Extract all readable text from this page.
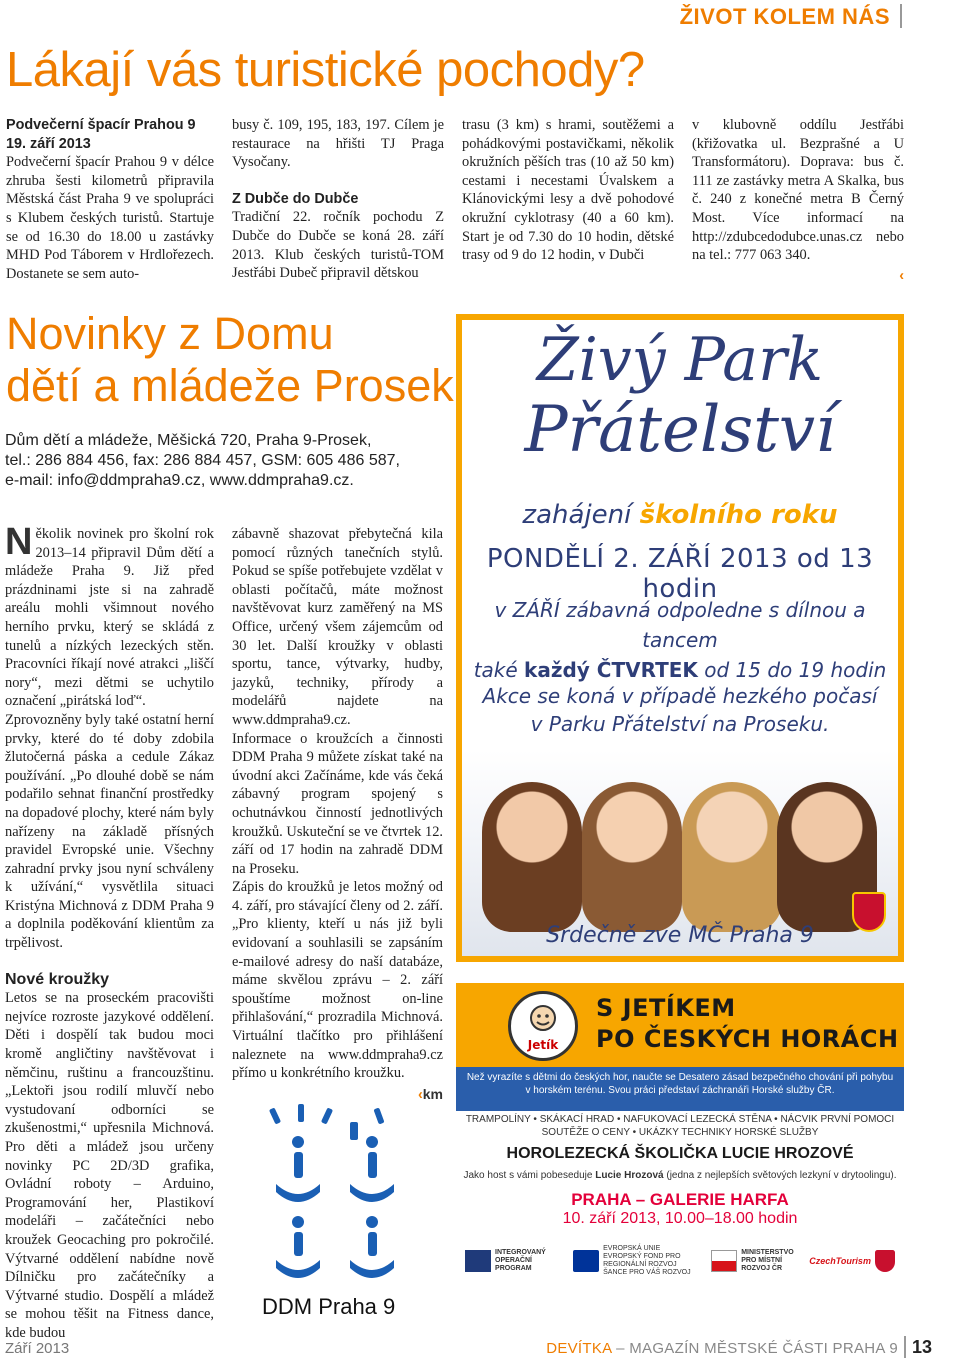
ŽIVOT KOLEM NÁS
Lákají vás turistické pochody?
Podvečerní špacír Prahou 9
19. září 2013

Podvečerní špacír Prahou 9 v délce zhruba šesti kilometrů připravila Městská část Praha 9 ve spolupráci s Klubem českých turistů. Startuje se od 16.30 do 18.00 u zastávky MHD Pod Táborem v Hrdlořezech. Dostanete se sem auto-

busy č. 109, 195, 183, 197. Cílem je restaurace na hřišti TJ Praga Vysočany.

Z Dubče do Dubče

Tradiční 22. ročník pochodu Z Dubče do Dubče se koná 28. září 2013. Klub českých turistů-TOM Jestřábi Dubeč připravil dětskou

trasu (3 km) s hrami, soutěžemi a pohádkovými postavičkami, několik okružních pěších tras (10 až 50 km) cestami i necestami Úvalskem a Klánovickými lesy a dvě pohodové okružní cyklotrasy (40 a 60 km). Start je od 7.30 do 10 hodin, dětské trasy od 9 do 12 hodin, v Dubči

v klubovně oddílu Jestřábi (křižovatka ul. Bezprašné a U Transformátoru). Doprava: bus č. 111 ze zastávky metra A Skalka, bus č. 240 z konečné metra B Černý Most. Více informací na http://zdubcedodubce.unas.cz nebo na tel.: 777 063 340.

‹
Novinky z Domu
dětí a mládeže Prosek
Dům dětí a mládeže, Měšická 720, Praha 9-Prosek,
tel.: 286 884 456, fax: 286 884 457, GSM: 605 486 587,
e-mail: info@ddmpraha9.cz, www.ddmpraha9.cz.

Několik novinek pro školní rok 2013–14 připravil Dům dětí a mládeže Praha 9. Již před prázdninami jste si na zahradě areálu mohli všimnout nového herního prvku, který se skládá z tunelů a nízkých lezeckých stěn. Pracovníci říkají nové atrakci „liščí nory“, mezi dětmi se uchytilo označení „pirátská loď“.

Zprovozněny byly také ostatní herní prvky, které do té doby zdobila žlutočerná páska a cedule Zákaz používání. „Po dlouhé době se nám podařilo sehnat finanční prostředky na dopadové plochy, které nám byly nařízeny na základě přísných pravidel Evropské unie. Všechny zahradní prvky jsou nyní schváleny k užívání,“ vysvětlila situaci Kristýna Michnová z DDM Praha 9 a doplnila poděkování klientům za trpělivost.

Nové kroužky

Letos se na proseckém pracovišti nejvíce rozroste jazykové oddělení. Děti i dospělí tak budou moci kromě angličtiny navštěvovat i němčinu, ruštinu a francouzštinu. „Lektoři jsou rodilí mluvčí nebo vystudovaní odborníci se zkušenostmi,“ upřesnila Michnová. Pro děti a mládež jsou určeny novinky PC 2D/3D grafika, Ovládní roboty – Arduino, Programování her, Plastikoví modeláři – začátečníci nebo kroužek Geocaching pro pokročilé. Výtvarné oddělení nabídne nově Dílničku pro začátečníky a Výtvarné studio. Dospělí a mládež se mohou těšit na Fitness dance, kde budou

zábavně shazovat přebytečná kila pomocí různých tanečních stylů. Pokud se spíše potřebujete vzdělat v oblasti počítačů, máte možnost navštěvovat kurz zaměřený na MS Office, určený všem zájemcům od 30 let. Další kroužky v oblasti sportu, tance, výtvarky, hudby, jazyků, techniky, přírody a modelářů najdete na www.ddmpraha9.cz.

Informace o kroužcích a činnosti DDM Praha 9 můžete získat také na úvodní akci Začínáme, kde vás čeká zábavný program spojený s ochutnávkou činností jednotlivých kroužků. Uskuteční se ve čtvrtek 12. září od 17 hodin na zahradě DDM na Proseku.

Zápis do kroužků je letos možný od 4. září, pro stávající členy od 2. září. „Pro klienty, kteří u nás již byli evidovaní a souhlasili se zapsáním e-mailové adresy do naší databáze, máme skvělou zprávu – 2. září spouštíme možnost on-line přihlašování,“ prozradila Michnová. Virtuální tlačítko pro přihlášení naleznete na www.ddmpraha9.cz přímo u konkrétního kroužku.

‹km
Živý Park
Přátelství
zahájení školního roku
PONDĚLÍ 2. ZÁŘÍ 2013 od 13 hodin
v ZÁŘÍ zábavná odpoledne s dílnou a tancem
také každý ČTVRTEK od 15 do 19 hodin
Akce se koná v případě hezkého počasí
v Parku Přátelství na Proseku.
Srdečně zve MČ Praha 9
Jetík
S JETÍKEM
PO ČESKÝCH HORÁCH
Než vyrazíte s dětmi do českých hor, naučte se Desatero zásad bezpečného chování při pohybu
v horském terénu. Svou práci představí záchranáři Horské služby ČR.
TRAMPOLÍNY • SKÁKACÍ HRAD • NAFUKOVACÍ LEZECKÁ STĚNA • NÁCVIK PRVNÍ POMOCI
SOUTĚŽE O CENY • UKÁZKY TECHNIKY HORSKÉ SLUŽBY
HOROLEZECKÁ ŠKOLIČKA LUCIE HROZOVÉ
Jako host s vámi pobeseduje Lucie Hrozová (jedna z nejlepších světových lezkyní v drytoolingu).
PRAHA – GALERIE HARFA
10. září 2013, 10.00–18.00 hodin
INTEGROVANÝ OPERAČNÍ PROGRAM
EVROPSKÁ UNIE EVROPSKÝ FOND PRO REGIONÁLNÍ ROZVOJ ŠANCE PRO VÁŠ ROZVOJ
MINISTERSTVO PRO MÍSTNÍ ROZVOJ ČR
CzechTourism
DDM Praha 9
Září 2013	DEVÍTKA – MAGAZÍN MĚSTSKÉ ČÁSTI PRAHA 9 13
